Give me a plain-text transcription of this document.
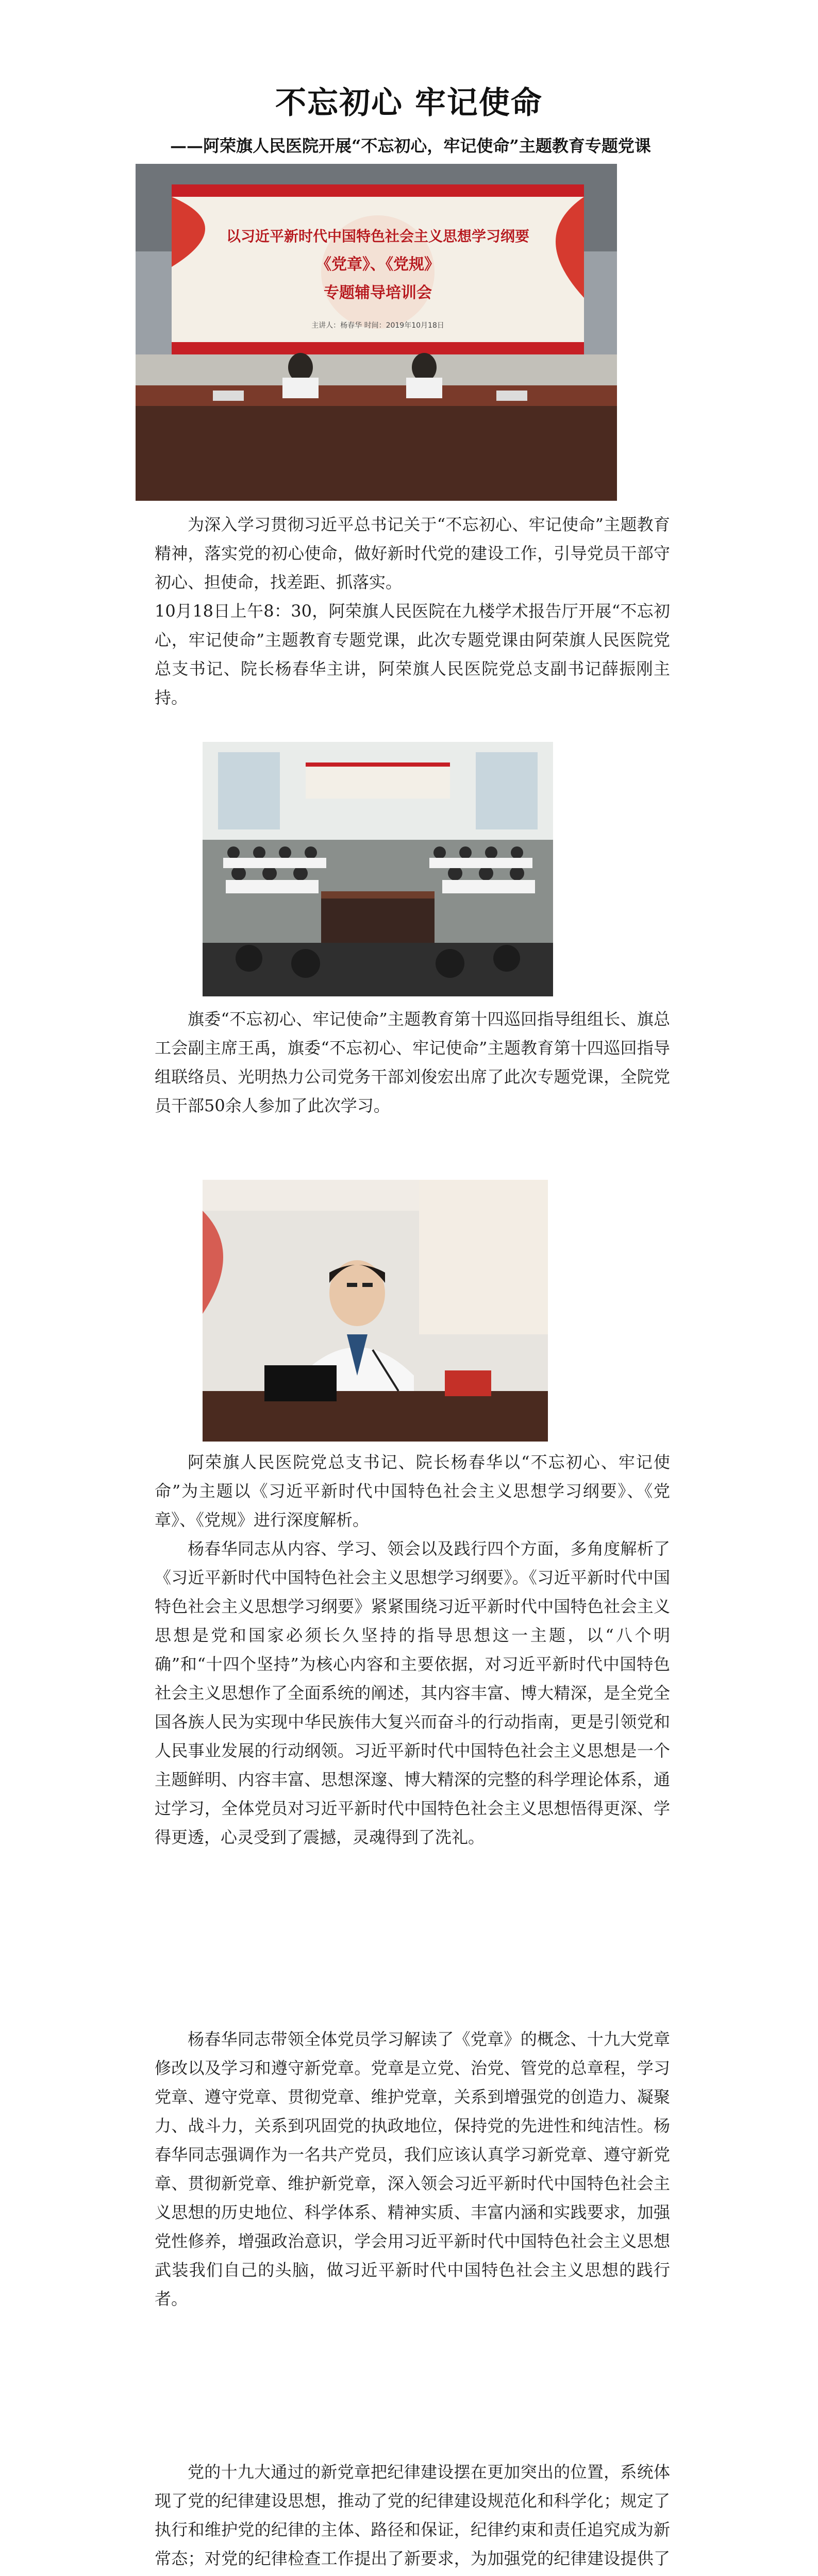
不忘初心 牢记使命
——阿荣旗人民医院开展“不忘初心，牢记使命”主题教育专题党课
以习近平新时代中国特色社会主义思想学习纲要
《党章》、《党规》
专题辅导培训会
主讲人：杨春华 时间：2019年10月18日

为深入学习贯彻习近平总书记关于“不忘初心、牢记使命”主题教育精神，落实党的初心使命，做好新时代党的建设工作，引导党员干部守初心、担使命，找差距、抓落实。

10月18日上午8：30，阿荣旗人民医院在九楼学术报告厅开展“不忘初心，牢记使命”主题教育专题党课，此次专题党课由阿荣旗人民医院党总支书记、院长杨春华主讲，阿荣旗人民医院党总支副书记薛振刚主持。

旗委“不忘初心、牢记使命”主题教育第十四巡回指导组组长、旗总工会副主席王禹，旗委“不忘初心、牢记使命”主题教育第十四巡回指导组联络员、光明热力公司党务干部刘俊宏出席了此次专题党课，全院党员干部50余人参加了此次学习。

阿荣旗人民医院党总支书记、院长杨春华以“不忘初心、牢记使命”为主题以《习近平新时代中国特色社会主义思想学习纲要》、《党章》、《党规》进行深度解析。

杨春华同志从内容、学习、领会以及践行四个方面，多角度解析了《习近平新时代中国特色社会主义思想学习纲要》。《习近平新时代中国特色社会主义思想学习纲要》紧紧围绕习近平新时代中国特色社会主义思想是党和国家必须长久坚持的指导思想这一主题，以“八个明确”和“十四个坚持”为核心内容和主要依据，对习近平新时代中国特色社会主义思想作了全面系统的阐述，其内容丰富、博大精深，是全党全国各族人民为实现中华民族伟大复兴而奋斗的行动指南，更是引领党和人民事业发展的行动纲领。习近平新时代中国特色社会主义思想是一个主题鲜明、内容丰富、思想深邃、博大精深的完整的科学理论体系，通过学习，全体党员对习近平新时代中国特色社会主义思想悟得更深、学得更透，心灵受到了震撼，灵魂得到了洗礼。

杨春华同志带领全体党员学习解读了《党章》的概念、十九大党章修改以及学习和遵守新党章。党章是立党、治党、管党的总章程，学习党章、遵守党章、贯彻党章、维护党章，关系到增强党的创造力、凝聚力、战斗力，关系到巩固党的执政地位，保持党的先进性和纯洁性。杨春华同志强调作为一名共产党员，我们应该认真学习新党章、遵守新党章、贯彻新党章、维护新党章，深入领会习近平新时代中国特色社会主义思想的历史地位、科学体系、精神实质、丰富内涵和实践要求，加强党性修养，增强政治意识，学会用习近平新时代中国特色社会主义思想武装我们自己的头脑，做习近平新时代中国特色社会主义思想的践行者。

党的十九大通过的新党章把纪律建设摆在更加突出的位置，系统体现了党的纪律建设思想，推动了党的纪律建设规范化和科学化；规定了执行和维护党的纪律的主体、路径和保证，纪律约束和责任追究成为新常态；对党的纪律检查工作提出了新要求，为加强党的纪律建设提供了
